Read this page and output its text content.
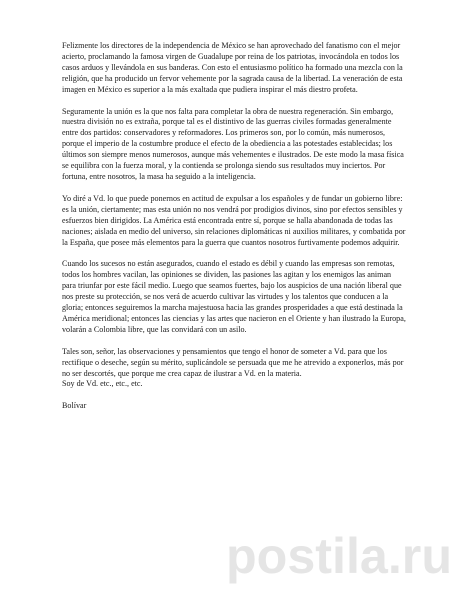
Felizmente los directores de la independencia de México se han aprovechado del fanatismo con el mejor acierto, proclamando la famosa virgen de Guadalupe por reina de los patriotas, invocándola en todos los casos arduos y llevándola en sus banderas. Con esto el entusiasmo político ha formado una mezcla con la religión, que ha producido un fervor vehemente por la sagrada causa de la libertad. La veneración de esta imagen en México es superior a la más exaltada que pudiera inspirar el más diestro profeta.

Seguramente la unión es la que nos falta para completar la obra de nuestra regeneración. Sin embargo, nuestra división no es extraña, porque tal es el distintivo de las guerras civiles formadas generalmente entre dos partidos: conservadores y reformadores. Los primeros son, por lo común, más numerosos, porque el imperio de la costumbre produce el efecto de la obediencia a las potestades establecidas; los últimos son siempre menos numerosos, aunque más vehementes e ilustrados. De este modo la masa física se equilibra con la fuerza moral, y la contienda se prolonga siendo sus resultados muy inciertos. Por fortuna, entre nosotros, la masa ha seguido a la inteligencia.

Yo diré a Vd. lo que puede ponernos en actitud de expulsar a los españoles y de fundar un gobierno libre: es la unión, ciertamente; mas esta unión no nos vendrá por prodigios divinos, sino por efectos sensibles y esfuerzos bien dirigidos. La América está encontrada entre sí, porque se halla abandonada de todas las naciones; aislada en medio del universo, sin relaciones diplomáticas ni auxilios militares, y combatida por la España, que posee más elementos para la guerra que cuantos nosotros furtivamente podemos adquirir.

Cuando los sucesos no están asegurados, cuando el estado es débil y cuando las empresas son remotas, todos los hombres vacilan, las opiniones se dividen, las pasiones las agitan y los enemigos las animan para triunfar por este fácil medio. Luego que seamos fuertes, bajo los auspicios de una nación liberal que nos preste su protección, se nos verá de acuerdo cultivar las virtudes y los talentos que conducen a la gloria; entonces seguiremos la marcha majestuosa hacia las grandes prosperidades a que está destinada la América meridional; entonces las ciencias y las artes que nacieron en el Oriente y han ilustrado la Europa, volarán a Colombia libre, que las convidará con un asilo.

Tales son, señor, las observaciones y pensamientos que tengo el honor de someter a Vd. para que los rectifique o deseche, según su mérito, suplicándole se persuada que me he atrevido a exponerlos, más por no ser descortés, que porque me crea capaz de ilustrar a Vd. en la materia.

Soy de Vd. etc., etc., etc.

Bolívar

postila.ru
